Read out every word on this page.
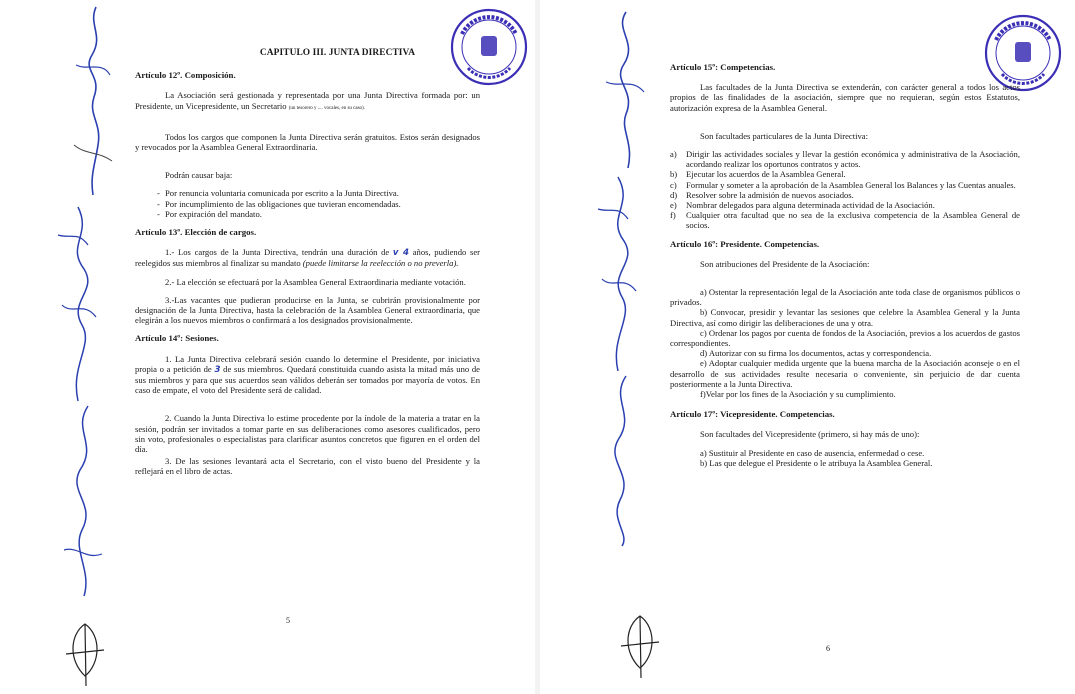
CAPITULO III. JUNTA DIRECTIVA
Artículo 12º. Composición.
La Asociación será gestionada y representada por una Junta Directiva formada por: un Presidente, un Vicepresidente, un Secretario (un tesorero y .... vocales, en su caso).
Todos los cargos que componen la Junta Directiva serán gratuitos. Estos serán designados y revocados por la Asamblea General Extraordinaria.
Podrán causar baja:
- Por renuncia voluntaria comunicada por escrito a la Junta Directiva.
- Por incumplimiento de las obligaciones que tuvieran encomendadas.
- Por expiración del mandato.
Artículo 13º. Elección de cargos.
1.- Los cargos de la Junta Directiva, tendrán una duración de v 4 años, pudiendo ser reelegidos sus miembros al finalizar su mandato (puede limitarse la reelección o no preverla).
2.- La elección se efectuará por la Asamblea General Extraordinaria mediante votación.
3.-Las vacantes que pudieran producirse en la Junta, se cubrirán provisionalmente por designación de la Junta Directiva, hasta la celebración de la Asamblea General extraordinaria, que elegirán a los nuevos miembros o confirmará a los designados provisionalmente.
Artículo 14º: Sesiones.
1. La Junta Directiva celebrará sesión cuando lo determine el Presidente, por iniciativa propia o a petición de 3 de sus miembros. Quedará constituida cuando asista la mitad más uno de sus miembros y para que sus acuerdos sean válidos deberán ser tomados por mayoría de votos. En caso de empate, el voto del Presidente será de calidad.
2. Cuando la Junta Directiva lo estime procedente por la índole de la materia a tratar en la sesión, podrán ser invitados a tomar parte en sus deliberaciones como asesores cualificados, pero sin voto, profesionales o especialistas para clarificar asuntos concretos que figuren en el orden del día.
3. De las sesiones levantará acta el Secretario, con el visto bueno del Presidente y la reflejará en el libro de actas.
5
Artículo 15º: Competencias.
Las facultades de la Junta Directiva se extenderán, con carácter general a todos los actos propios de las finalidades de la asociación, siempre que no requieran, según estos Estatutos, autorización expresa de la Asamblea General.
Son facultades particulares de la Junta Directiva:
a) Dirigir las actividades sociales y llevar la gestión económica y administrativa de la Asociación, acordando realizar los oportunos contratos y actos.
b) Ejecutar los acuerdos de la Asamblea General.
c) Formular y someter a la aprobación de la Asamblea General los Balances y las Cuentas anuales.
d) Resolver sobre la admisión de nuevos asociados.
e) Nombrar delegados para alguna determinada actividad de la Asociación.
f) Cualquier otra facultad que no sea de la exclusiva competencia de la Asamblea General de socios.
Artículo 16º: Presidente. Competencias.
Son atribuciones del Presidente de la Asociación:
a) Ostentar la representación legal de la Asociación ante toda clase de organismos públicos o privados.
b) Convocar, presidir y levantar las sesiones que celebre la Asamblea General y la Junta Directiva, así como dirigir las deliberaciones de una y otra.
c) Ordenar los pagos por cuenta de fondos de la Asociación, previos a los acuerdos de gastos correspondientes.
d) Autorizar con su firma los documentos, actas y correspondencia.
e) Adoptar cualquier medida urgente que la buena marcha de la Asociación aconseje o en el desarrollo de sus actividades resulte necesaria o conveniente, sin perjuicio de dar cuenta posteriormente a la Junta Directiva.
f)Velar por los fines de la Asociación y su cumplimiento.
Artículo 17º: Vicepresidente. Competencias.
Son facultades del Vicepresidente (primero, si hay más de uno):
a) Sustituir al Presidente en caso de ausencia, enfermedad o cese.
b) Las que delegue el Presidente o le atribuya la Asamblea General.
6
